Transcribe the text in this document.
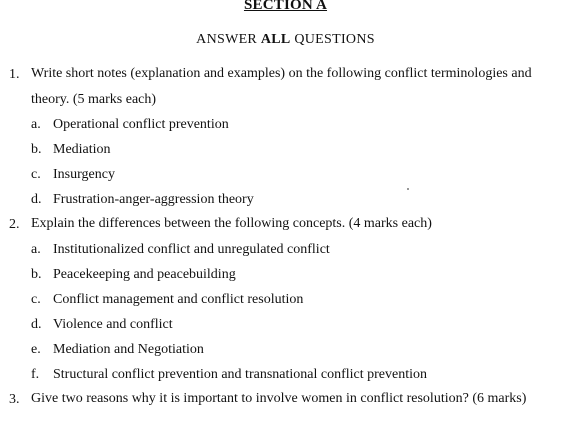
SECTION A
ANSWER ALL QUESTIONS
1. Write short notes (explanation and examples) on the following conflict terminologies and theory. (5 marks each)
a. Operational conflict prevention
b. Mediation
c. Insurgency
d. Frustration-anger-aggression theory
2. Explain the differences between the following concepts. (4 marks each)
a. Institutionalized conflict and unregulated conflict
b. Peacekeeping and peacebuilding
c. Conflict management and conflict resolution
d. Violence and conflict
e. Mediation and Negotiation
f. Structural conflict prevention and transnational conflict prevention
3. Give two reasons why it is important to involve women in conflict resolution? (6 marks)
